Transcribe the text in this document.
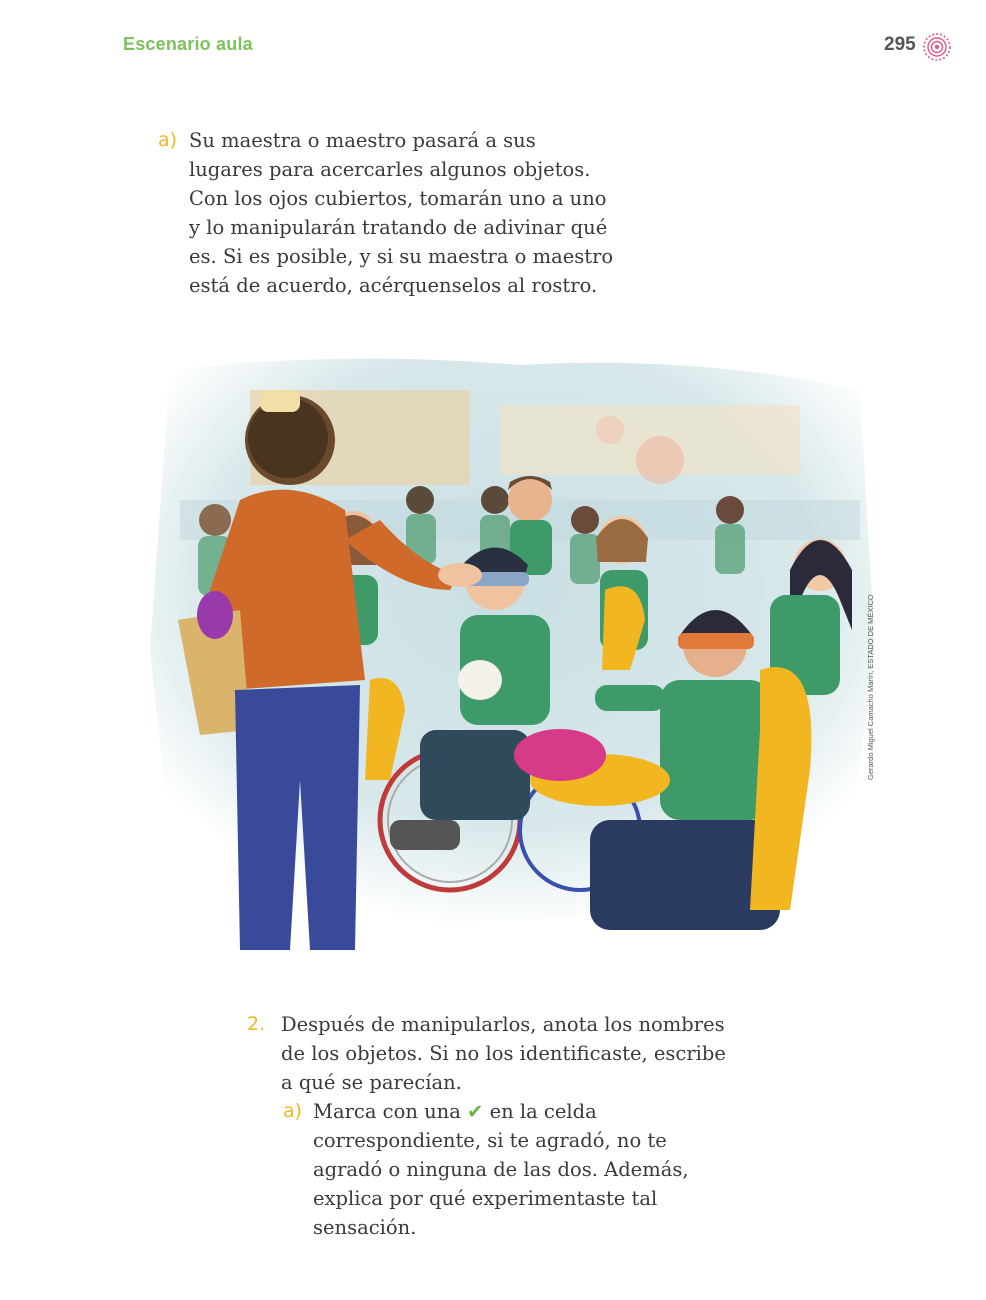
Escenario aula	295
a) Su maestra o maestro pasará a sus
lugares para acercarles algunos objetos.
Con los ojos cubiertos, tomarán uno a uno
y lo manipularán tratando de adivinar qué
es. Si es posible, y si su maestra o maestro
está de acuerdo, acérquenselos al rostro.
Gerardo Miguel Camacho Marín, ESTADO DE MÉXICO
2. Después de manipularlos, anota los nombres
de los objetos. Si no los identificaste, escribe
a qué se parecían.
a) Marca con una ✔ en la celda
correspondiente, si te agradó, no te
agradó o ninguna de las dos. Además,
explica por qué experimentaste tal
sensación.
